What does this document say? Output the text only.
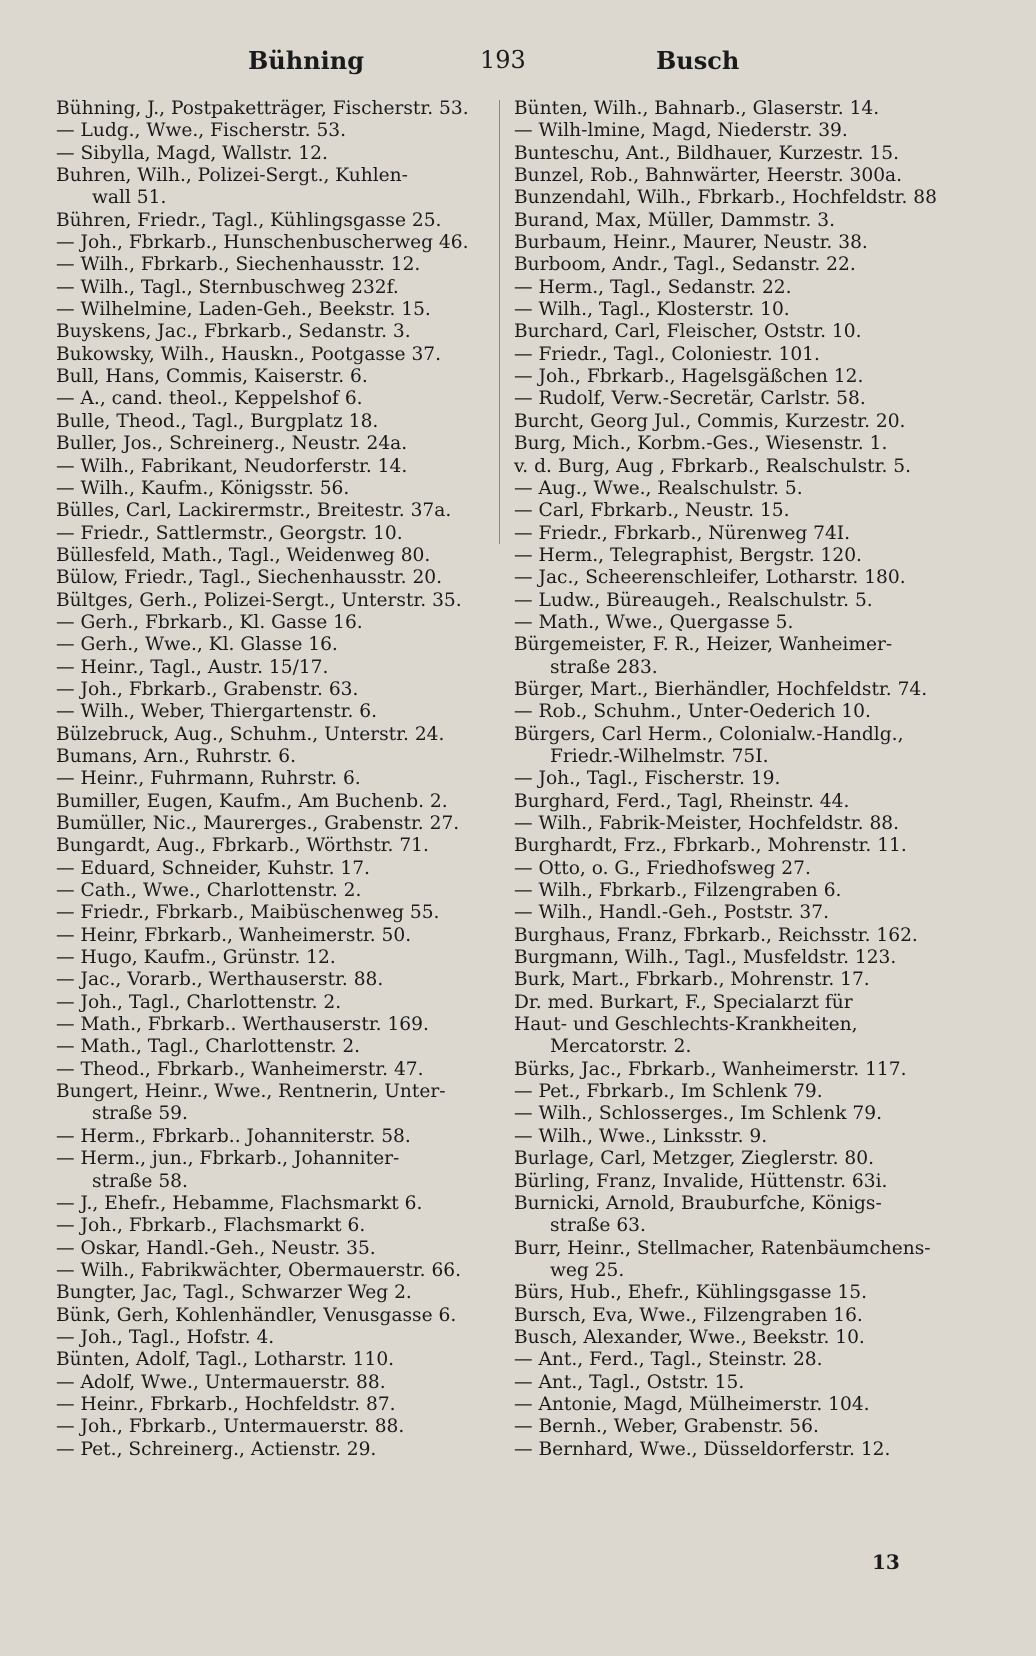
Bühning	193	Busch
Bühning, J., Postpaketträger, Fischerstr. 53.
— Ludg., Wwe., Fischerstr. 53.
— Sibylla, Magd, Wallstr. 12.
Buhren, Wilh., Polizei-Sergt., Kuhlen-
wall 51.
Bühren, Friedr., Tagl., Kühlingsgasse 25.
— Joh., Fbrkarb., Hunschenbuscherweg 46.
— Wilh., Fbrkarb., Siechenhausstr. 12.
— Wilh., Tagl., Sternbuschweg 232f.
— Wilhelmine, Laden-Geh., Beekstr. 15.
Buyskens, Jac., Fbrkarb., Sedanstr. 3.
Bukowsky, Wilh., Hauskn., Pootgasse 37.
Bull, Hans, Commis, Kaiserstr. 6.
— A., cand. theol., Keppelshof 6.
Bulle, Theod., Tagl., Burgplatz 18.
Buller, Jos., Schreinerg., Neustr. 24a.
— Wilh., Fabrikant, Neudorferstr. 14.
— Wilh., Kaufm., Königsstr. 56.
Bülles, Carl, Lackirermstr., Breitestr. 37a.
— Friedr., Sattlermstr., Georgstr. 10.
Büllesfeld, Math., Tagl., Weidenweg 80.
Bülow, Friedr., Tagl., Siechenhausstr. 20.
Bültges, Gerh., Polizei-Sergt., Unterstr. 35.
— Gerh., Fbrkarb., Kl. Gasse 16.
— Gerh., Wwe., Kl. Glasse 16.
— Heinr., Tagl., Austr. 15/17.
— Joh., Fbrkarb., Grabenstr. 63.
— Wilh., Weber, Thiergartenstr. 6.
Bülzebruck, Aug., Schuhm., Unterstr. 24.
Bumans, Arn., Ruhrstr. 6.
— Heinr., Fuhrmann, Ruhrstr. 6.
Bumiller, Eugen, Kaufm., Am Buchenb. 2.
Bumüller, Nic., Maurerges., Grabenstr. 27.
Bungardt, Aug., Fbrkarb., Wörthstr. 71.
— Eduard, Schneider, Kuhstr. 17.
— Cath., Wwe., Charlottenstr. 2.
— Friedr., Fbrkarb., Maibüschenweg 55.
— Heinr, Fbrkarb., Wanheimerstr. 50.
— Hugo, Kaufm., Grünstr. 12.
— Jac., Vorarb., Werthauserstr. 88.
— Joh., Tagl., Charlottenstr. 2.
— Math., Fbrkarb.. Werthauserstr. 169.
— Math., Tagl., Charlottenstr. 2.
— Theod., Fbrkarb., Wanheimerstr. 47.
Bungert, Heinr., Wwe., Rentnerin, Unter-
straße 59.
— Herm., Fbrkarb.. Johanniterstr. 58.
— Herm., jun., Fbrkarb., Johanniter-
straße 58.
— J., Ehefr., Hebamme, Flachsmarkt 6.
— Joh., Fbrkarb., Flachsmarkt 6.
— Oskar, Handl.-Geh., Neustr. 35.
— Wilh., Fabrikwächter, Obermauerstr. 66.
Bungter, Jac, Tagl., Schwarzer Weg 2.
Bünk, Gerh, Kohlenhändler, Venusgasse 6.
— Joh., Tagl., Hofstr. 4.
Bünten, Adolf, Tagl., Lotharstr. 110.
— Adolf, Wwe., Untermauerstr. 88.
— Heinr., Fbrkarb., Hochfeldstr. 87.
— Joh., Fbrkarb., Untermauerstr. 88.
— Pet., Schreinerg., Actienstr. 29.
Bünten, Wilh., Bahnarb., Glaserstr. 14.
— Wilh-lmine, Magd, Niederstr. 39.
Bunteschu, Ant., Bildhauer, Kurzestr. 15.
Bunzel, Rob., Bahnwärter, Heerstr. 300a.
Bunzendahl, Wilh., Fbrkarb., Hochfeldstr. 88
Burand, Max, Müller, Dammstr. 3.
Burbaum, Heinr., Maurer, Neustr. 38.
Burboom, Andr., Tagl., Sedanstr. 22.
— Herm., Tagl., Sedanstr. 22.
— Wilh., Tagl., Klosterstr. 10.
Burchard, Carl, Fleischer, Oststr. 10.
— Friedr., Tagl., Coloniestr. 101.
— Joh., Fbrkarb., Hagelsgäßchen 12.
— Rudolf, Verw.-Secretär, Carlstr. 58.
Burcht, Georg Jul., Commis, Kurzestr. 20.
Burg, Mich., Korbm.-Ges., Wiesenstr. 1.
v. d. Burg, Aug , Fbrkarb., Realschulstr. 5.
— Aug., Wwe., Realschulstr. 5.
— Carl, Fbrkarb., Neustr. 15.
— Friedr., Fbrkarb., Nürenweg 74I.
— Herm., Telegraphist, Bergstr. 120.
— Jac., Scheerenschleifer, Lotharstr. 180.
— Ludw., Büreaugeh., Realschulstr. 5.
— Math., Wwe., Quergasse 5.
Bürgemeister, F. R., Heizer, Wanheimer-
straße 283.
Bürger, Mart., Bierhändler, Hochfeldstr. 74.
— Rob., Schuhm., Unter-Oederich 10.
Bürgers, Carl Herm., Colonialw.-Handlg.,
Friedr.-Wilhelmstr. 75I.
— Joh., Tagl., Fischerstr. 19.
Burghard, Ferd., Tagl, Rheinstr. 44.
— Wilh., Fabrik-Meister, Hochfeldstr. 88.
Burghardt, Frz., Fbrkarb., Mohrenstr. 11.
— Otto, o. G., Friedhofsweg 27.
— Wilh., Fbrkarb., Filzengraben 6.
— Wilh., Handl.-Geh., Poststr. 37.
Burghaus, Franz, Fbrkarb., Reichsstr. 162.
Burgmann, Wilh., Tagl., Musfeldstr. 123.
Burk, Mart., Fbrkarb., Mohrenstr. 17.
Dr. med. Burkart, F., Specialarzt für
Haut- und Geschlechts-Krankheiten,
Mercatorstr. 2.
Bürks, Jac., Fbrkarb., Wanheimerstr. 117.
— Pet., Fbrkarb., Im Schlenk 79.
— Wilh., Schlosserges., Im Schlenk 79.
— Wilh., Wwe., Linksstr. 9.
Burlage, Carl, Metzger, Zieglerstr. 80.
Bürling, Franz, Invalide, Hüttenstr. 63i.
Burnicki, Arnold, Brauburfche, Königs-
straße 63.
Burr, Heinr., Stellmacher, Ratenbäumchens-
weg 25.
Bürs, Hub., Ehefr., Kühlingsgasse 15.
Bursch, Eva, Wwe., Filzengraben 16.
Busch, Alexander, Wwe., Beekstr. 10.
— Ant., Ferd., Tagl., Steinstr. 28.
— Ant., Tagl., Oststr. 15.
— Antonie, Magd, Mülheimerstr. 104.
— Bernh., Weber, Grabenstr. 56.
— Bernhard, Wwe., Düsseldorferstr. 12.
13
